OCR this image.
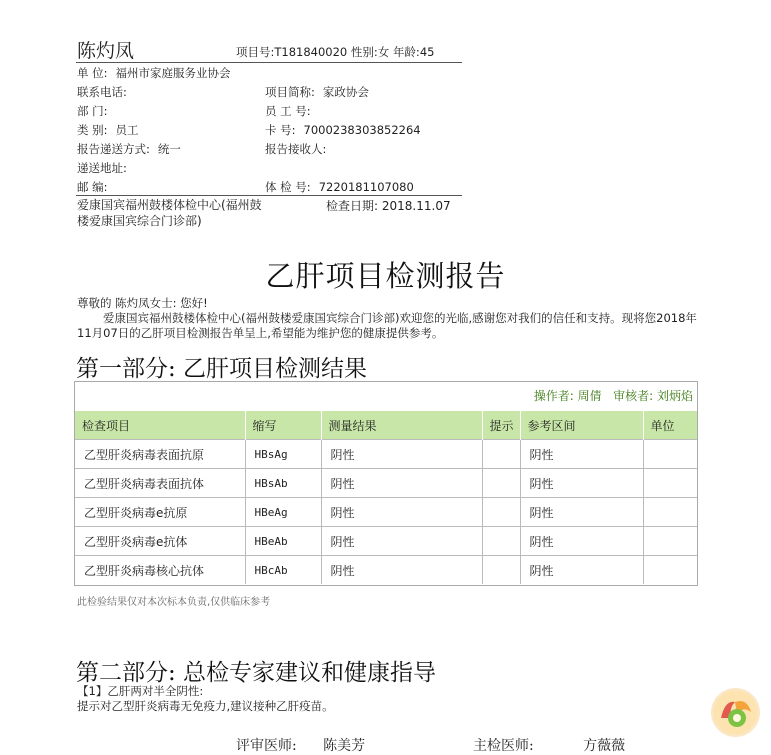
陈灼凤	项目号:T181840020 性别:女 年龄:45
单 位: 福州市家庭服务业协会
联系电话:	项目简称: 家政协会
部 门:	员 工 号:
类 别: 员工	卡 号: 7000238303852264
报告递送方式: 统一	报告接收人:
递送地址:
邮 编:	体 检 号: 7220181107080
爱康国宾福州鼓楼体检中心(福州鼓楼爱康国宾综合门诊部)
检查日期: 2018.11.07
乙肝项目检测报告
尊敬的 陈灼凤女士: 您好!
爱康国宾福州鼓楼体检中心(福州鼓楼爱康国宾综合门诊部)欢迎您的光临,感谢您对我们的信任和支持。现将您2018年11月07日的乙肝项目检测报告单呈上,希望能为维护您的健康提供参考。
第一部分: 乙肝项目检测结果
操作者: 周倩 审核者: 刘炳焰
检查项目	缩写	测量结果	提示	参考区间	单位
乙型肝炎病毒表面抗原	HBsAg	阴性		阴性	
乙型肝炎病毒表面抗体	HBsAb	阴性		阴性	
乙型肝炎病毒e抗原	HBeAg	阴性		阴性	
乙型肝炎病毒e抗体	HBeAb	阴性		阴性	
乙型肝炎病毒核心抗体	HBcAb	阴性		阴性	
此检验结果仅对本次标本负责,仅供临床参考
第二部分: 总检专家建议和健康指导
【1】乙肝两对半全阴性:
提示对乙型肝炎病毒无免疫力,建议接种乙肝疫苗。
评审医师: 陈美芳	主检医师:	方薇薇
